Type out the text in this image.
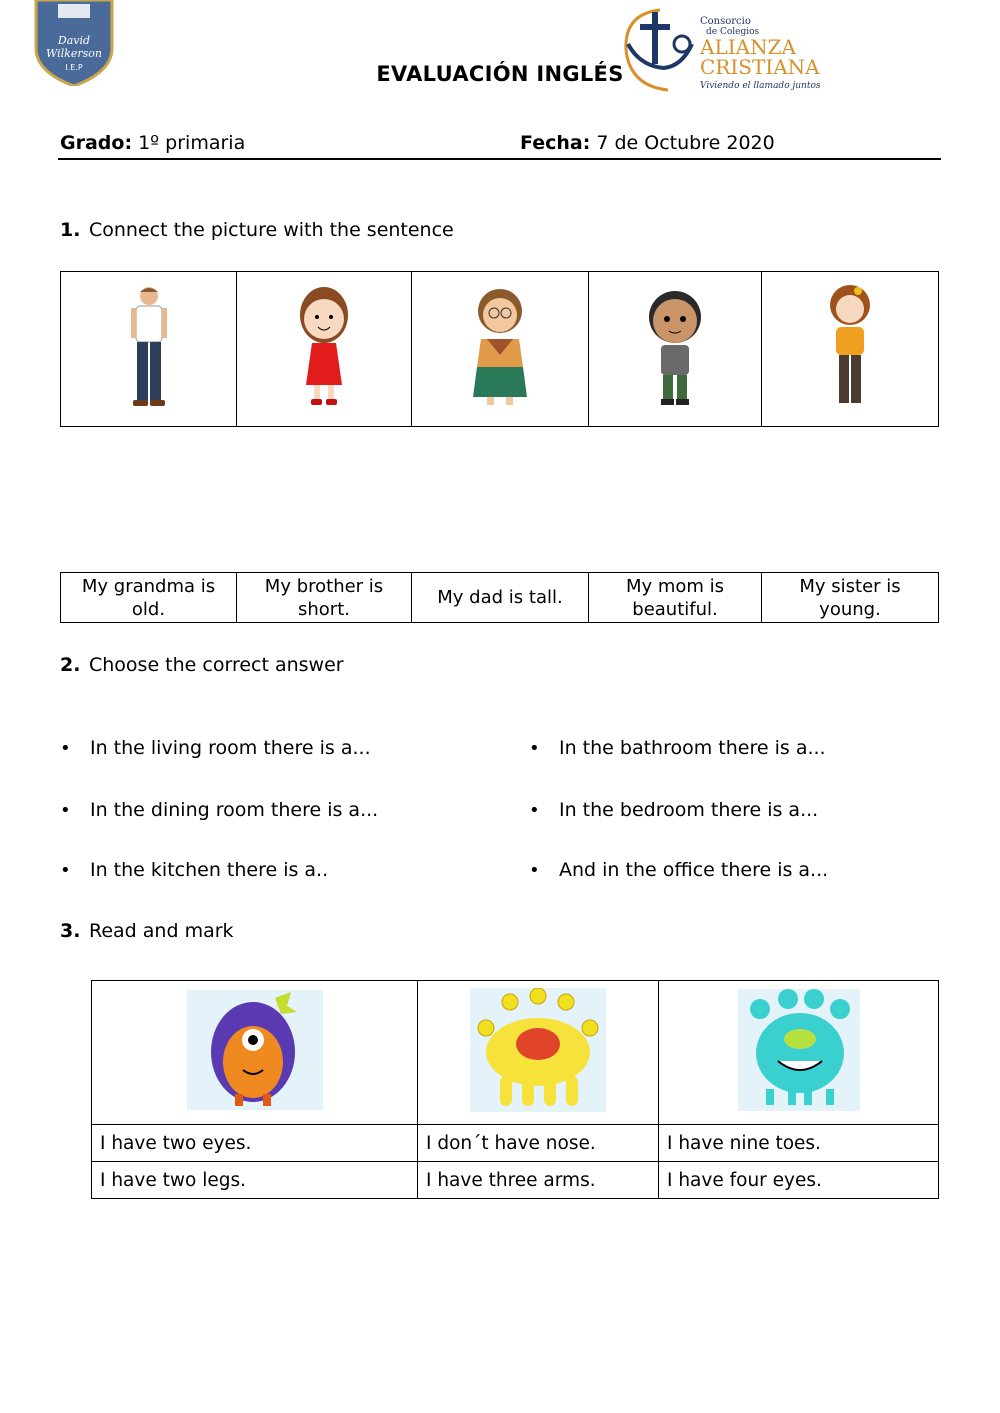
David
Wilkerson
I.E.P	EVALUACIÓN INGLÉS
Consorcio
de Colegios
ALIANZA
CRISTIANA
Viviendo el llamado juntos
Grado: 1º primaria	Fecha: 7 de Octubre 2020
1. Connect the picture with the sentence

My grandma is
old.	My brother is
short.	My dad is tall.	My mom is
beautiful.	My sister is
young.
2. Choose the correct answer
• In the living room there is a...
• In the dining room there is a...
• In the kitchen there is a..
• In the bathroom there is a...
• In the bedroom there is a...
• And in the office there is a...
3. Read and mark

I have two eyes.	I don´t have nose.	I have nine toes.
I have two legs.	I have three arms.	I have four eyes.
